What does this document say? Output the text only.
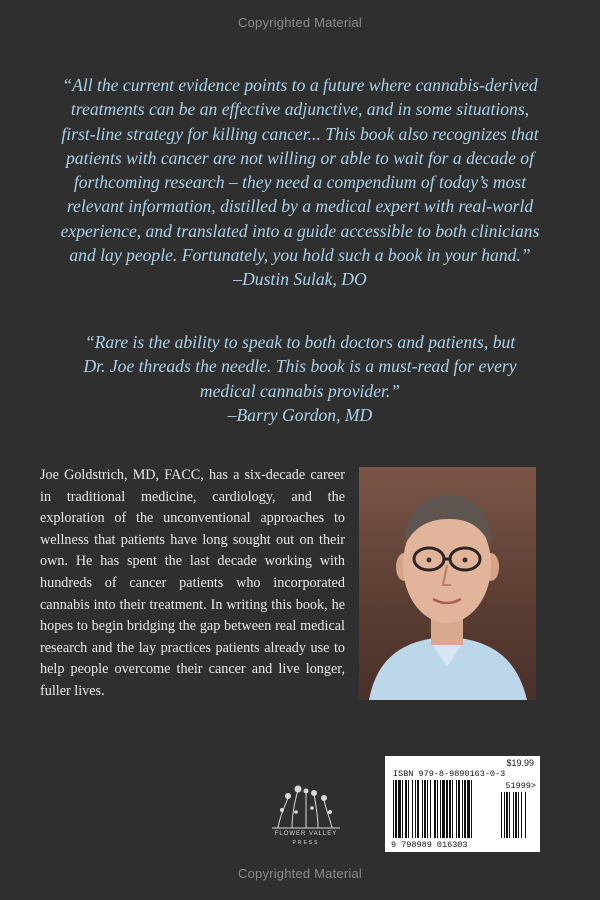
Copyrighted Material
“All the current evidence points to a future where cannabis-derived
treatments can be an effective adjunctive, and in some situations,
first-line strategy for killing cancer... This book also recognizes that
patients with cancer are not willing or able to wait for a decade of
forthcoming research – they need a compendium of today’s most
relevant information, distilled by a medical expert with real-world
experience, and translated into a guide accessible to both clinicians
and lay people. Fortunately, you hold such a book in your hand.”
–Dustin Sulak, DO
“Rare is the ability to speak to both doctors and patients, but
Dr. Joe threads the needle. This book is a must-read for every
medical cannabis provider.”
–Barry Gordon, MD
Joe Goldstrich, MD, FACC, has a six-decade career in traditional medicine, cardiology, and the exploration of the unconventional approaches to wellness that patients have long sought out on their own. He has spent the last decade working with hundreds of cancer patients who incorporated cannabis into their treatment. In writing this book, he hopes to begin bridging the gap between real medical research and the lay practices patients already use to help people overcome their cancer and live longer, fuller lives.
FLOWER VALLEY
PRESS
$19.99
ISBN 979-8-9890163-0-3
51999>
9 798989 016303
Copyrighted Material
